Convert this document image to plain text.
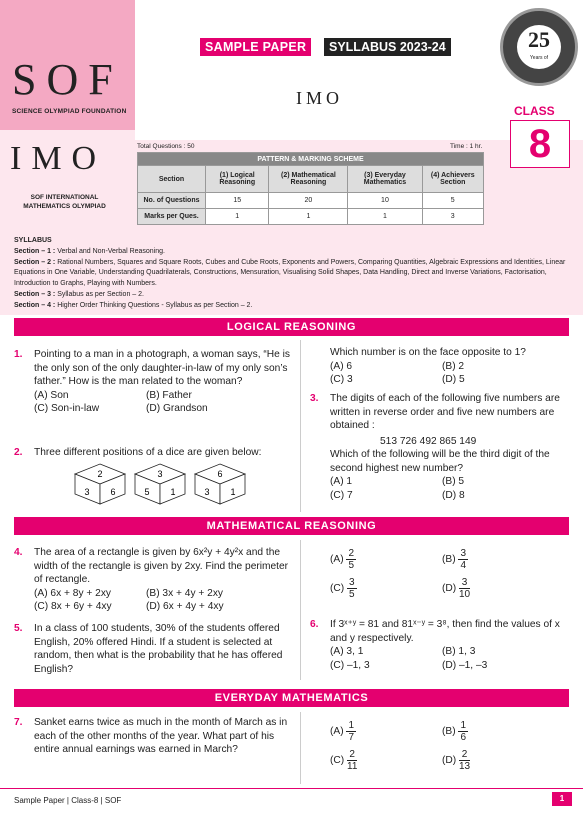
SOF
SCIENCE OLYMPIAD FOUNDATION
SAMPLE PAPER	SYLLABUS 2023-24
IMO
25
Years of
CLASS
8
IMO
SOF INTERNATIONAL MATHEMATICS OLYMPIAD
Total Questions : 50	Time : 1 hr.
PATTERN & MARKING SCHEME				
Section	(1) Logical Reasoning	(2) Mathematical Reasoning	(3) Everyday Mathematics	(4) Achievers Section
No. of Questions	15	20	10	5
Marks per Ques.	1	1	1	3
SYLLABUS
Section – 1 : Verbal and Non-Verbal Reasoning.
Section – 2 : Rational Numbers, Squares and Square Roots, Cubes and Cube Roots, Exponents and Powers, Comparing Quantities, Algebraic Expressions and Identities, Linear Equations in One Variable, Understanding Quadrilaterals, Constructions, Mensuration, Visualising Solid Shapes, Data Handling, Direct and Inverse Variations, Factorisation, Introduction to Graphs, Playing with Numbers.
Section – 3 : Syllabus as per Section – 2.
Section – 4 : Higher Order Thinking Questions - Syllabus as per Section – 2.
LOGICAL REASONING
1. Pointing to a man in a photograph, a woman says, “He is the only son of the only daughter-in-law of my only son’s father.” How is the man related to the woman?
(A) Son	(B) Father
(C) Son-in-law	(D) Grandson
2. Three different positions of a dice are given below:
2
3 6
3
5 1
6
3 1
Which number is on the face opposite to 1?
(A) 6	(B) 2
(C) 3	(D) 5
3. The digits of each of the following five numbers are written in reverse order and five new numbers are obtained :
513 726 492 865 149
Which of the following will be the third digit of the second highest new number?
(A) 1	(B) 5
(C) 7	(D) 8
MATHEMATICAL REASONING
4. The area of a rectangle is given by 6x²y + 4y²x and the width of the rectangle is given by 2xy. Find the perimeter of rectangle.
(A) 6x + 8y + 2xy	(B) 3x + 4y + 2xy
(C) 8x + 6y + 4xy	(D) 6x + 4y + 4xy
$(A) \frac{2}{5}$	$(B) \frac{3}{4}$
$(C) \frac{3}{5}$	$(D) \frac{3}{10}$
5. In a class of 100 students, 30% of the students offered English, 20% offered Hindi. If a student is selected at random, then what is the probability that he has offered English?
6. If 3ˣ⁺ʸ = 81 and 81ˣ⁻ʸ = 3⁸, then find the values of x and y respectively.
(A) 3, 1	(B) 1, 3
(C) –1, 3	(D) –1, –3
EVERYDAY MATHEMATICS
7. Sanket earns twice as much in the month of March as in each of the other months of the year. What part of his entire annual earnings was earned in March?
$(A) \frac{1}{7}$	$(B) \frac{1}{6}$
$(C) \frac{2}{11}$	$(D) \frac{2}{13}$
Sample Paper | Class-8 | SOF	1
